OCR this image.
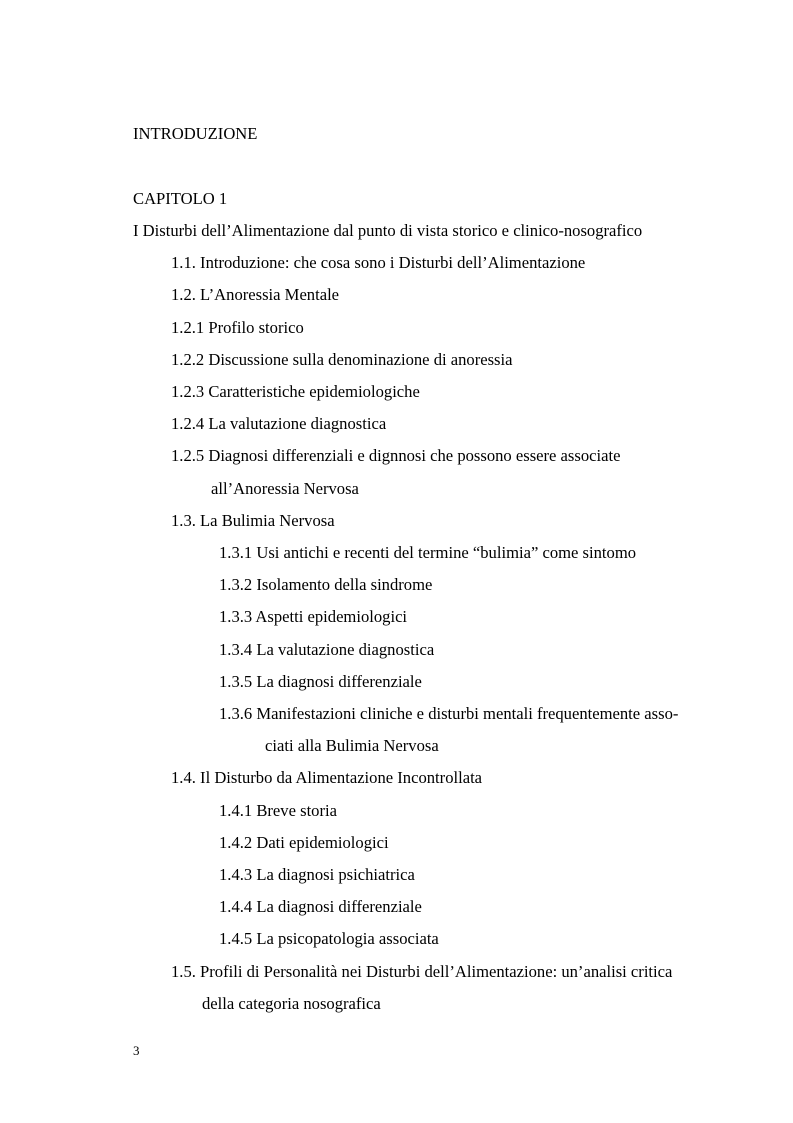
INTRODUZIONE
CAPITOLO 1
I Disturbi dell’Alimentazione dal punto di vista storico e clinico-nosografico
1.1. Introduzione: che cosa sono i Disturbi dell’Alimentazione
1.2. L’Anoressia Mentale
1.2.1 Profilo storico
1.2.2 Discussione sulla denominazione di anoressia
1.2.3 Caratteristiche epidemiologiche
1.2.4 La valutazione diagnostica
1.2.5 Diagnosi differenziali e dignnosi che possono essere associate
all’Anoressia Nervosa
1.3. La Bulimia Nervosa
1.3.1 Usi antichi e recenti del termine “bulimia” come sintomo
1.3.2 Isolamento della sindrome
1.3.3 Aspetti epidemiologici
1.3.4 La valutazione diagnostica
1.3.5 La diagnosi differenziale
1.3.6 Manifestazioni cliniche e disturbi mentali frequentemente asso-
ciati alla Bulimia Nervosa
1.4. Il Disturbo da Alimentazione Incontrollata
1.4.1 Breve storia
1.4.2 Dati epidemiologici
1.4.3 La diagnosi psichiatrica
1.4.4 La diagnosi differenziale
1.4.5 La psicopatologia associata
1.5. Profili di Personalità nei Disturbi dell’Alimentazione: un’analisi critica
della categoria nosografica
3
